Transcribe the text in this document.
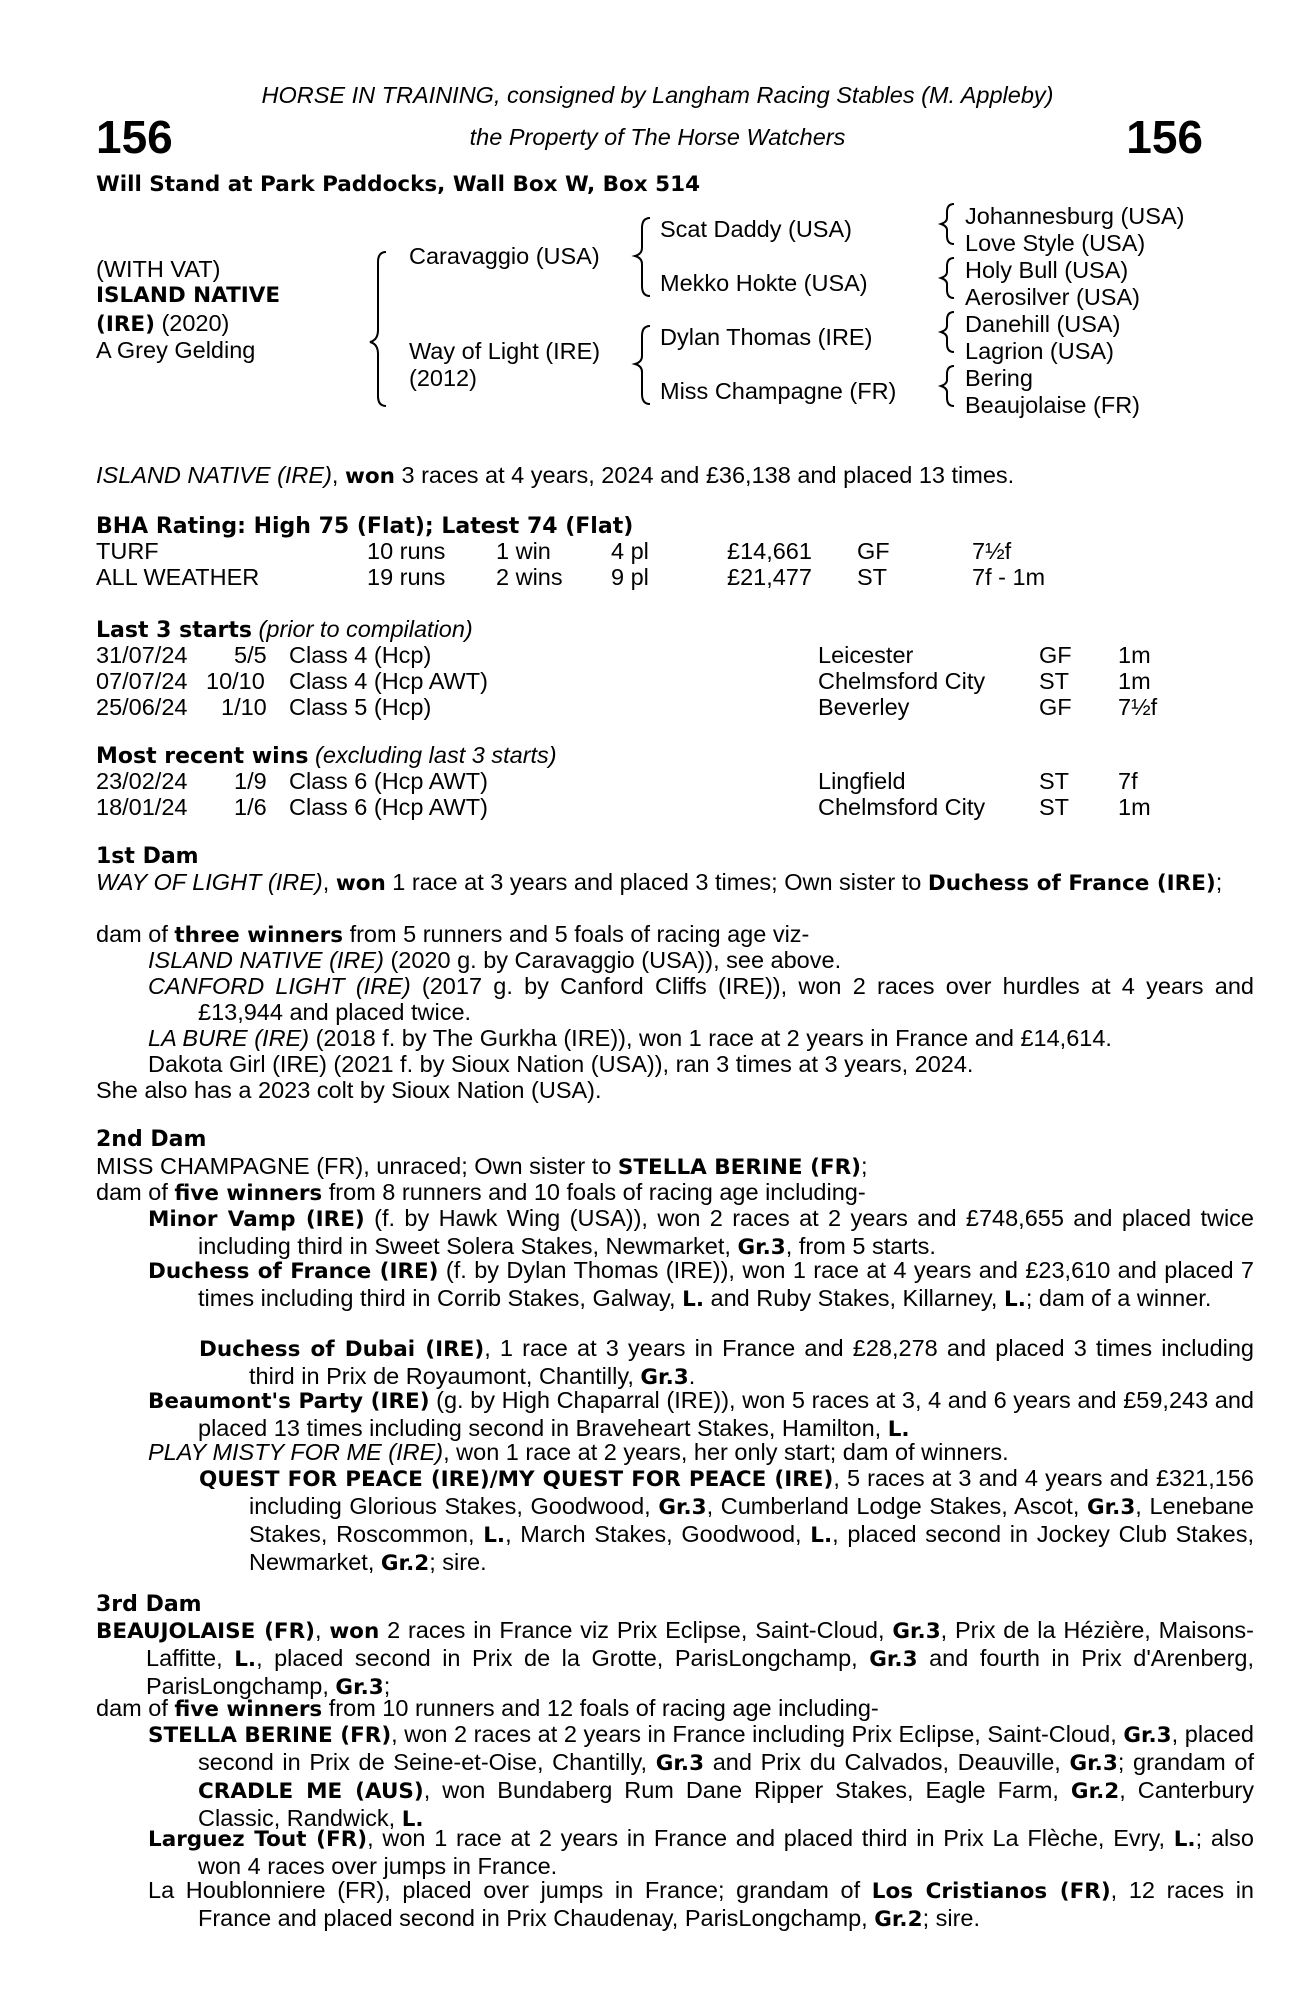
HORSE IN TRAINING, consigned by Langham Racing Stables (M. Appleby)
156	the Property of The Horse Watchers	156
Will Stand at Park Paddocks, Wall Box W, Box 514
(WITH VAT)
ISLAND NATIVE
(IRE) (2020)
A Grey Gelding
Caravaggio (USA)
Way of Light (IRE)
(2012)
Scat Daddy (USA)
Mekko Hokte (USA)
Dylan Thomas (IRE)
Miss Champagne (FR)
Johannesburg (USA)
Love Style (USA)
Holy Bull (USA)
Aerosilver (USA)
Danehill (USA)
Lagrion (USA)
Bering
Beaujolaise (FR)
ISLAND NATIVE (IRE), won 3 races at 4 years, 2024 and £36,138 and placed 13 times.
BHA Rating: High 75 (Flat); Latest 74 (Flat)
TURF	10 runs 1 win	4 pl	£14,661 GF	7½f
ALL WEATHER	19 runs 2 wins 9 pl	£21,477 ST	7f - 1m
Last 3 starts (prior to compilation)
31/07/24 5/5 Class 4 (Hcp)	Leicester	GF 1m
07/07/24 10/10 Class 4 (Hcp AWT)	Chelmsford City ST 1m
25/06/24 1/10 Class 5 (Hcp)	Beverley	GF 7½f
Most recent wins (excluding last 3 starts)
23/02/24 1/9 Class 6 (Hcp AWT)	Lingfield	ST 7f
18/01/24 1/6 Class 6 (Hcp AWT)	Chelmsford City ST 1m
1st Dam
WAY OF LIGHT (IRE), won 1 race at 3 years and placed 3 times; Own sister to Duchess of France (IRE);
dam of three winners from 5 runners and 5 foals of racing age viz-
ISLAND NATIVE (IRE) (2020 g. by Caravaggio (USA)), see above.
CANFORD LIGHT (IRE) (2017 g. by Canford Cliffs (IRE)), won 2 races over hurdles at 4 years and £13,944 and placed twice.
LA BURE (IRE) (2018 f. by The Gurkha (IRE)), won 1 race at 2 years in France and £14,614.
Dakota Girl (IRE) (2021 f. by Sioux Nation (USA)), ran 3 times at 3 years, 2024.
She also has a 2023 colt by Sioux Nation (USA).
2nd Dam
MISS CHAMPAGNE (FR), unraced; Own sister to STELLA BERINE (FR);
dam of five winners from 8 runners and 10 foals of racing age including-
Minor Vamp (IRE) (f. by Hawk Wing (USA)), won 2 races at 2 years and £748,655 and placed twice including third in Sweet Solera Stakes, Newmarket, Gr.3, from 5 starts.
Duchess of France (IRE) (f. by Dylan Thomas (IRE)), won 1 race at 4 years and £23,610 and placed 7 times including third in Corrib Stakes, Galway, L. and Ruby Stakes, Killarney, L.; dam of a winner.
Duchess of Dubai (IRE), 1 race at 3 years in France and £28,278 and placed 3 times including third in Prix de Royaumont, Chantilly, Gr.3.
Beaumont's Party (IRE) (g. by High Chaparral (IRE)), won 5 races at 3, 4 and 6 years and £59,243 and placed 13 times including second in Braveheart Stakes, Hamilton, L.
PLAY MISTY FOR ME (IRE), won 1 race at 2 years, her only start; dam of winners.
QUEST FOR PEACE (IRE)/MY QUEST FOR PEACE (IRE), 5 races at 3 and 4 years and £321,156 including Glorious Stakes, Goodwood, Gr.3, Cumberland Lodge Stakes, Ascot, Gr.3, Lenebane Stakes, Roscommon, L., March Stakes, Goodwood, L., placed second in Jockey Club Stakes, Newmarket, Gr.2; sire.
3rd Dam
BEAUJOLAISE (FR), won 2 races in France viz Prix Eclipse, Saint-Cloud, Gr.3, Prix de la Hézière, Maisons-Laffitte, L., placed second in Prix de la Grotte, ParisLongchamp, Gr.3 and fourth in Prix d'Arenberg, ParisLongchamp, Gr.3;
dam of five winners from 10 runners and 12 foals of racing age including-
STELLA BERINE (FR), won 2 races at 2 years in France including Prix Eclipse, Saint-Cloud, Gr.3, placed second in Prix de Seine-et-Oise, Chantilly, Gr.3 and Prix du Calvados, Deauville, Gr.3; grandam of CRADLE ME (AUS), won Bundaberg Rum Dane Ripper Stakes, Eagle Farm, Gr.2, Canterbury Classic, Randwick, L.
Larguez Tout (FR), won 1 race at 2 years in France and placed third in Prix La Flèche, Evry, L.; also won 4 races over jumps in France.
La Houblonniere (FR), placed over jumps in France; grandam of Los Cristianos (FR), 12 races in France and placed second in Prix Chaudenay, ParisLongchamp, Gr.2; sire.
